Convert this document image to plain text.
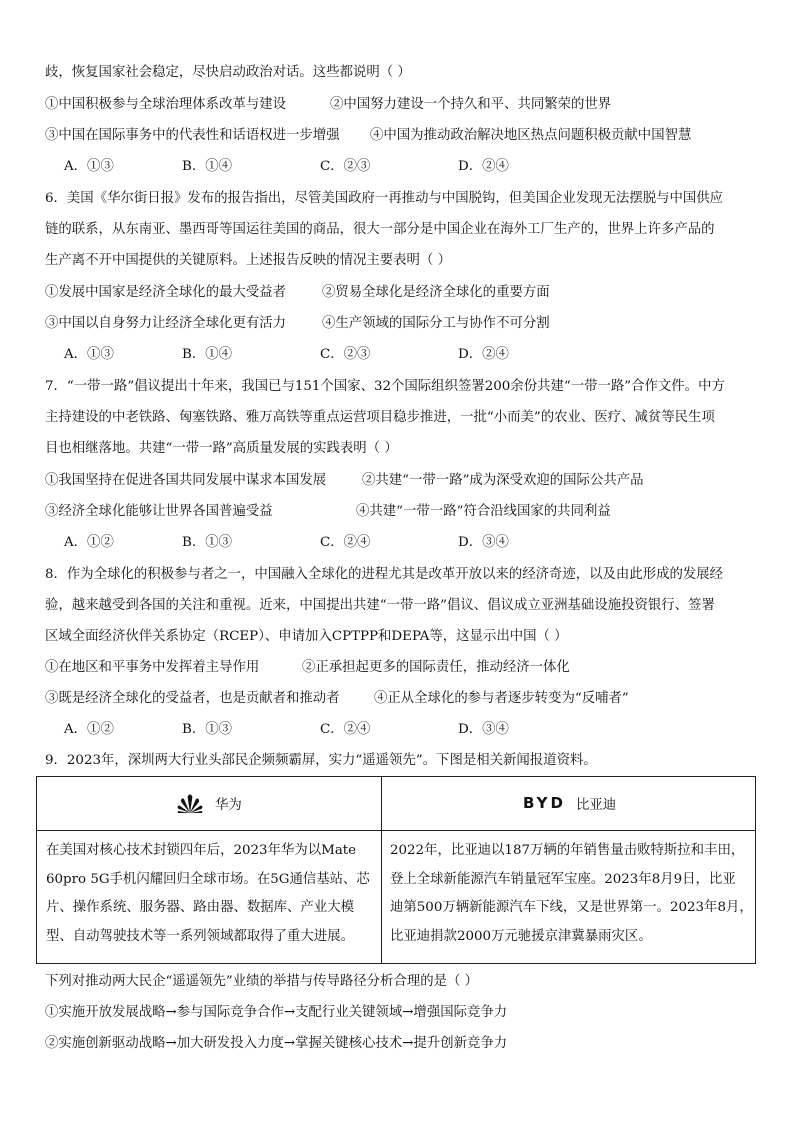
歧，恢复国家社会稳定，尽快启动政治对话。这些都说明（ ）
①中国积极参与全球治理体系改革与建设	②中国努力建设一个持久和平、共同繁荣的世界
③中国在国际事务中的代表性和话语权进一步增强 ④中国为推动政治解决地区热点问题积极贡献中国智慧
A．①③	B．①④	C．②③	D．②④
6．美国《华尔街日报》发布的报告指出，尽管美国政府一再推动与中国脱钩，但美国企业发现无法摆脱与中国供应
链的联系，从东南亚、墨西哥等国运往美国的商品，很大一部分是中国企业在海外工厂生产的，世界上许多产品的
生产离不开中国提供的关键原料。上述报告反映的情况主要表明（ ）
①发展中国家是经济全球化的最大受益者	②贸易全球化是经济全球化的重要方面
③中国以自身努力让经济全球化更有活力	④生产领域的国际分工与协作不可分割
A．①③	B．①④	C．②③	D．②④
7．“一带一路”倡议提出十年来，我国已与151个国家、32个国际组织签署200余份共建“一带一路”合作文件。中方
主持建设的中老铁路、匈塞铁路、雅万高铁等重点运营项目稳步推进，一批“小而美”的农业、医疗、减贫等民生项
目也相继落地。共建“一带一路”高质量发展的实践表明（ ）
①我国坚持在促进各国共同发展中谋求本国发展	②共建“一带一路”成为深受欢迎的国际公共产品
③经济全球化能够让世界各国普遍受益	④共建“一带一路”符合沿线国家的共同利益
A．①②	B．①③	C．②④	D．③④
8．作为全球化的积极参与者之一，中国融入全球化的进程尤其是改革开放以来的经济奇迹，以及由此形成的发展经
验，越来越受到各国的关注和重视。近来，中国提出共建“一带一路”倡议、倡议成立亚洲基础设施投资银行、签署
区域全面经济伙伴关系协定（RCEP）、申请加入CPTPP和DEPA等，这显示出中国（ ）
①在地区和平事务中发挥着主导作用	②正承担起更多的国际责任，推动经济一体化
③既是经济全球化的受益者，也是贡献者和推动者	④正从全球化的参与者逐步转变为“反哺者”
A．①②	B．①③	C．②④	D．③④
9．2023年，深圳两大行业头部民企频频霸屏，实力“遥遥领先”。下图是相关新闻报道资料。
华为	BYD 比亚迪
在美国对核心技术封锁四年后，2023年华为以Mate
60pro 5G手机闪耀回归全球市场。在5G通信基站、芯
片、操作系统、服务器、路由器、数据库、产业大模
型、自动驾驶技术等一系列领域都取得了重大进展。
2022年，比亚迪以187万辆的年销售量击败特斯拉和丰田，
登上全球新能源汽车销量冠军宝座。2023年8月9日，比亚
迪第500万辆新能源汽车下线，又是世界第一。2023年8月，
比亚迪捐款2000万元驰援京津冀暴雨灾区。
下列对推动两大民企“遥遥领先”业绩的举措与传导路径分析合理的是（ ）
①实施开放发展战略→参与国际竞争合作→支配行业关键领域→增强国际竞争力
②实施创新驱动战略→加大研发投入力度→掌握关键核心技术→提升创新竞争力
